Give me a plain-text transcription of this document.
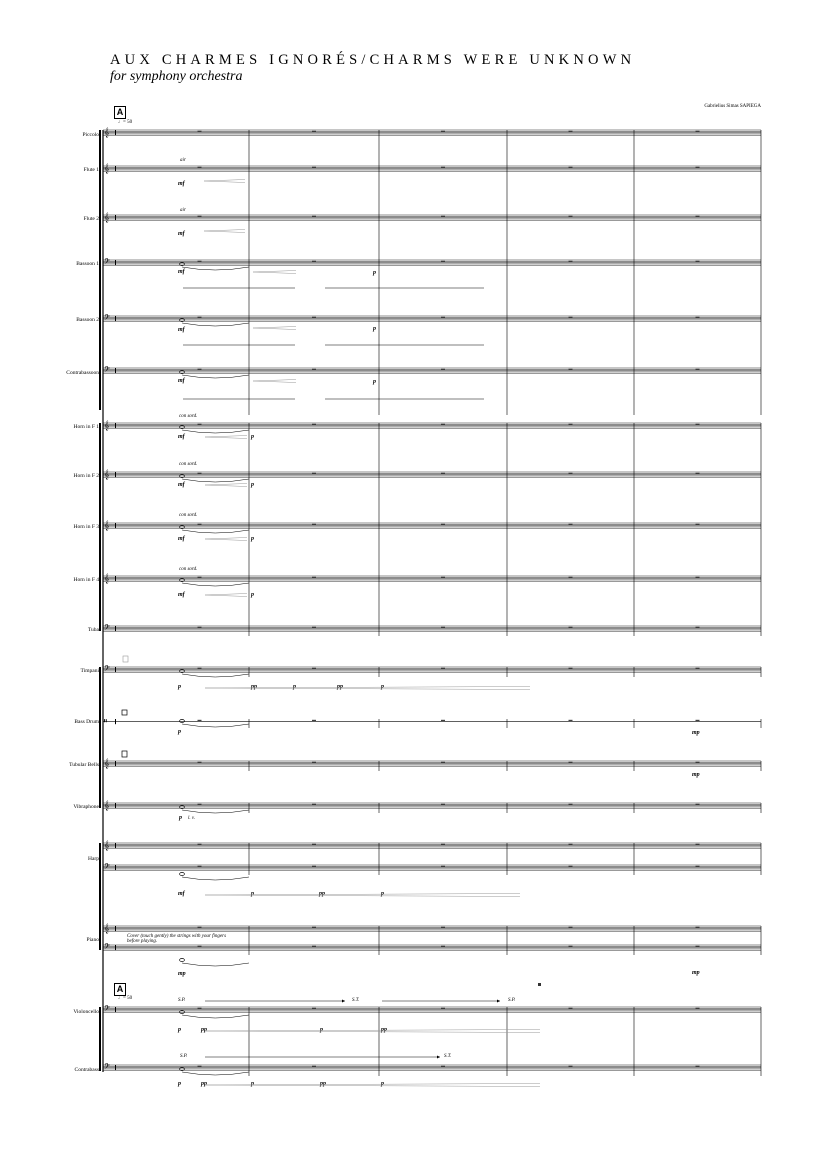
AUX CHARMES IGNORÉS/CHARMS WERE UNKNOWN
for symphony orchestra
Gabrielius Simas SAPIEGA
A
♩= 50
A
♩= 50
Piccolo
Flute 1
Flute 2
Bassoon 1
Bassoon 2
Contrabassoon
Horn in F 1
Horn in F 2
Horn in F 3
Horn in F 4
Tuba
Timpani
Bass Drum
Tubular Bells
Vibraphone
Harp
Piano
Violoncello
Contrabass
air
air
con sord.
con sord.
con sord.
con sord.
l. v.
Cover (touch gently) the strings with your fingers before playing.
S.P.	S.T.	S.P.
S.P.	S.T.
mf
mf
mf	p
mf	p
mf	p
mf	p
mf	p
mf	p
mf	p
p	pp	p	pp	p
p	mp
mp
p
mf	p	pp	p
mp	mp
p	pp	p	pp
p	pp	p	pp	p
𝄞
𝄞
𝄞
𝄢
𝄢
𝄢
𝄞
𝄞
𝄞
𝄞
𝄢
𝄢
𝄥
𝄞
𝄞
𝄞
𝄢
𝄞
𝄢
𝄢
𝄢
